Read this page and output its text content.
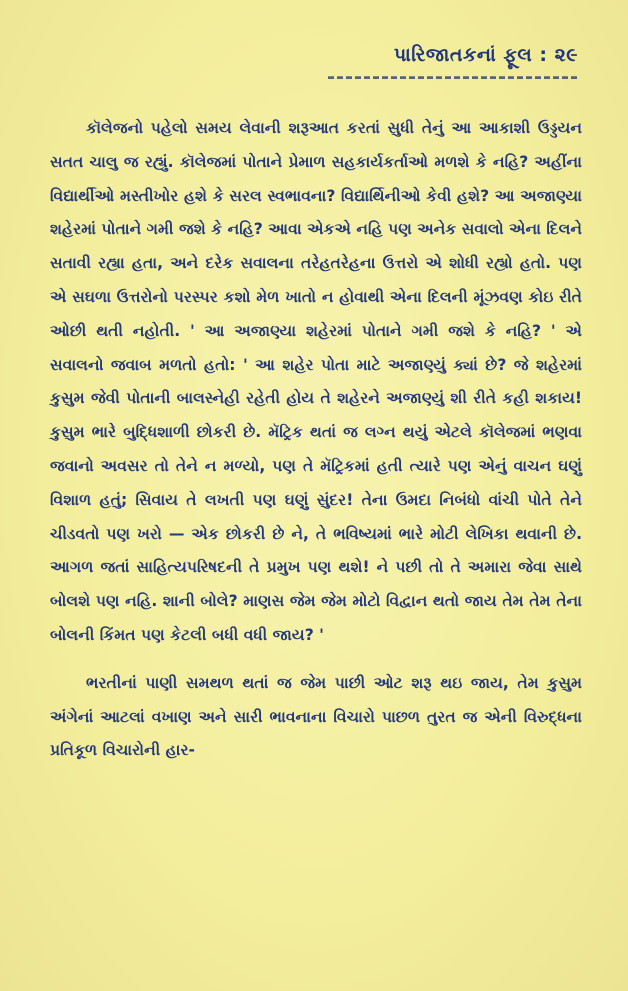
પારિજાતકનાં ફૂલ : ૨૯

કૉલેજનો પહેલો સમય લેવાની શરૂઆત કરતાં સુધી તેનું આ આકાશી ઉડ્ડયન સતત ચાલુ જ રહ્યું. કૉલેજમાં પોતાને પ્રેમાળ સહકાર્યકર્તાઓ મળશે કે નહિ? અહીંના વિદ્યાર્થીઓ મસ્તીખોર હશે કે સરલ સ્વભાવના? વિદ્યાર્થિનીઓ કેવી હશે? આ અજાણ્યા શહેરમાં પોતાને ગમી જશે કે નહિ? આવા એકએ નહિ પણ અનેક સવાલો એના દિલને સતાવી રહ્યા હતા, અને દરેક સવાલના તરેહતરેહના ઉત્તરો એ શોધી રહ્યો હતો. પણ એ સઘળા ઉત્તરોનો પરસ્પર કશો મેળ ખાતો ન હોવાથી એના દિલની મૂંઝવણ કોઇ રીતે ઓછી થતી નહોતી. ' આ અજાણ્યા શહેરમાં પોતાને ગમી જશે કે નહિ? ' એ સવાલનો જવાબ મળતો હતો: ' આ શહેર પોતા માટે અજાણ્યું ક્યાં છે? જે શહેરમાં કુસુમ જેવી પોતાની બાલસ્નેહી રહેતી હોય તે શહેરને અજાણ્યું શી રીતે કહી શકાય! કુસુમ ભારે બુદ્ધિશાળી છોકરી છે. મૅટ્રિક થતાં જ લગ્ન થયું એટલે કૉલેજમાં ભણવા જવાનો અવસર તો તેને ન મળ્યો, પણ તે મૅટ્રિકમાં હતી ત્યારે પણ એનું વાચન ઘણું વિશાળ હતું; સિવાય તે લખતી પણ ઘણું સુંદર! તેના ઉમદા નિબંધો વાંચી પોતે તેને ચીડવતો પણ ખરો — એક છોકરી છે ને, તે ભવિષ્યમાં ભારે મોટી લેખિકા થવાની છે. આગળ જતાં સાહિત્યપરિષદની તે પ્રમુખ પણ થશે! ને પછી તો તે અમારા જેવા સાથે બોલશે પણ નહિ. શાની બોલે? માણસ જેમ જેમ મોટો વિદ્વાન થતો જાય તેમ તેમ તેના બોલની કિંમત પણ કેટલી બધી વધી જાય? '

ભરતીનાં પાણી સમથળ થતાં જ જેમ પાછી ઓટ શરૂ થઇ જાય, તેમ કુસુમ અંગેનાં આટલાં વખાણ અને સારી ભાવનાના વિચારો પાછળ તુરત જ એની વિરુદ્ધના પ્રતિકૂળ વિચારોની હાર-
